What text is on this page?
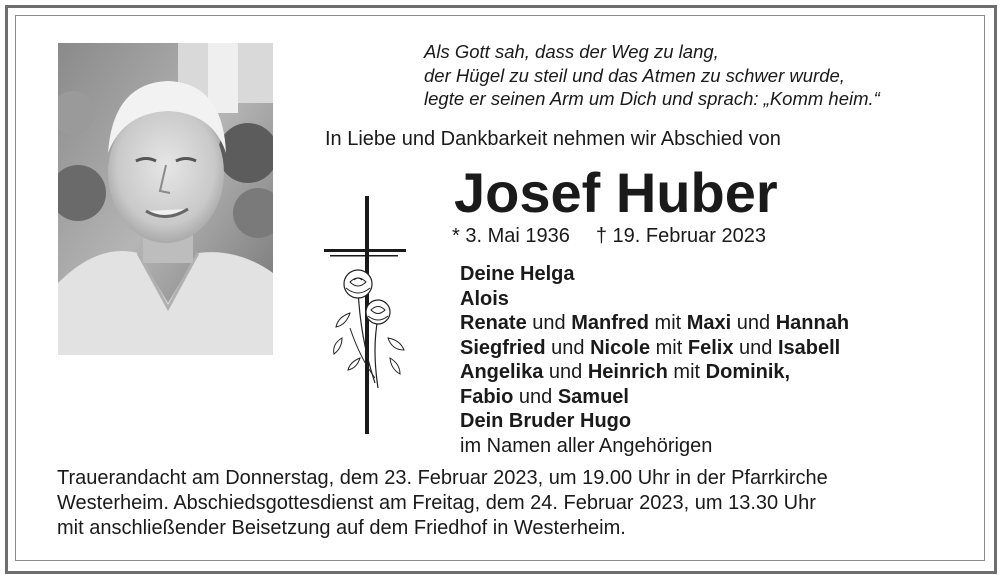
Als Gott sah, dass der Weg zu lang,
der Hügel zu steil und das Atmen zu schwer wurde,
legte er seinen Arm um Dich und sprach: „Komm heim.“
In Liebe und Dankbarkeit nehmen wir Abschied von
Josef Huber
* 3. Mai 1936 † 19. Februar 2023
Deine Helga
Alois
Renate und Manfred mit Maxi und Hannah
Siegfried und Nicole mit Felix und Isabell
Angelika und Heinrich mit Dominik,
Fabio und Samuel
Dein Bruder Hugo
im Namen aller Angehörigen
Trauerandacht am Donnerstag, dem 23. Februar 2023, um 19.00 Uhr in der Pfarrkirche
Westerheim. Abschiedsgottesdienst am Freitag, dem 24. Februar 2023, um 13.30 Uhr
mit anschließender Beisetzung auf dem Friedhof in Westerheim.
